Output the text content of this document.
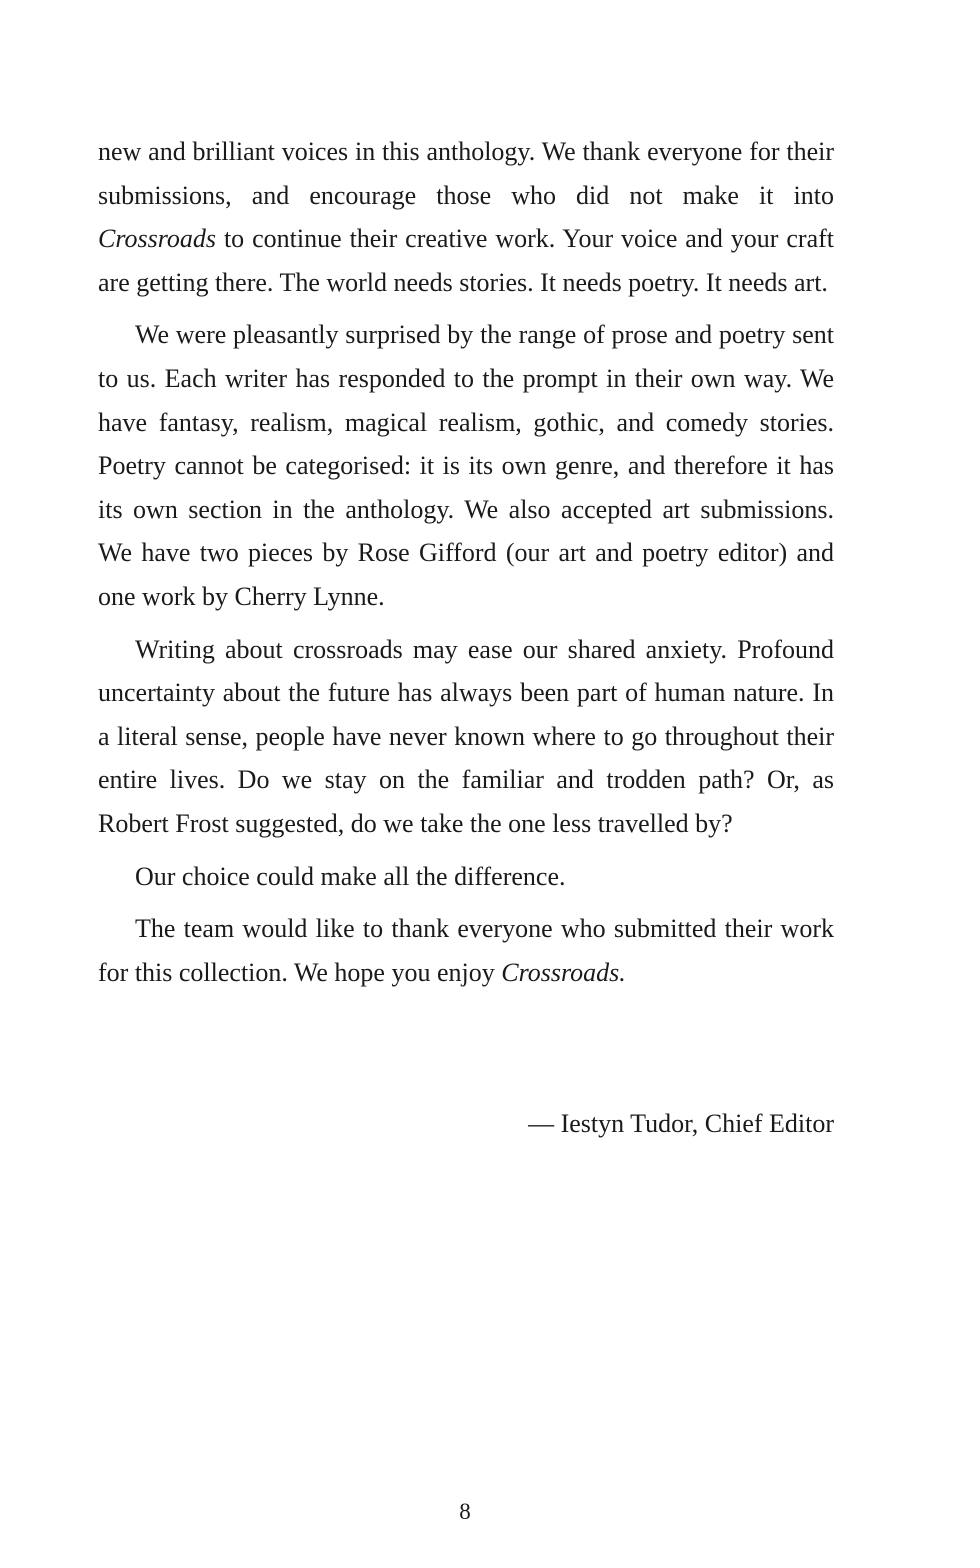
new and brilliant voices in this anthology. We thank everyone for their submissions, and encourage those who did not make it into Crossroads to continue their creative work. Your voice and your craft are getting there. The world needs stories. It needs poetry. It needs art.

We were pleasantly surprised by the range of prose and poetry sent to us. Each writer has responded to the prompt in their own way. We have fantasy, realism, magical realism, gothic, and comedy stories. Poetry cannot be categorised: it is its own genre, and therefore it has its own section in the anthology. We also accepted art submissions. We have two pieces by Rose Gifford (our art and poetry editor) and one work by Cherry Lynne.

Writing about crossroads may ease our shared anxiety. Profound uncertainty about the future has always been part of human nature. In a literal sense, people have never known where to go throughout their entire lives. Do we stay on the familiar and trodden path? Or, as Robert Frost suggested, do we take the one less travelled by?

Our choice could make all the difference.

The team would like to thank everyone who submitted their work for this collection. We hope you enjoy Crossroads.

— Iestyn Tudor, Chief Editor
8
